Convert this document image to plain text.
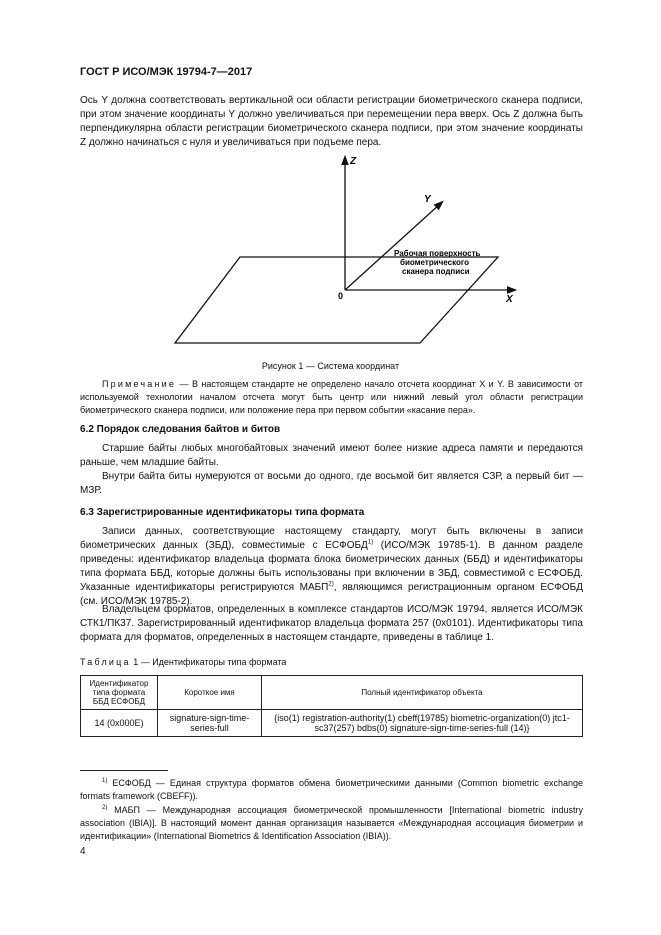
ГОСТ Р ИСО/МЭК 19794-7—2017
Ось Y должна соответствовать вертикальной оси области регистрации биометрического сканера подписи, при этом значение координаты Y должно увеличиваться при перемещении пера вверх. Ось Z должна быть перпендикулярна области регистрации биометрического сканера подписи, при этом значение координаты Z должно начинаться с нуля и увеличиваться при подъеме пера.
Z
Y
X
0
Рабочая поверхность
биометрического
сканера подписи
Рисунок 1 — Система координат
Примечание — В настоящем стандарте не определено начало отсчета координат X и Y. В зависимости от используемой технологии началом отсчета могут быть центр или нижний левый угол области регистрации биометрического сканера подписи, или положение пера при первом событии «касание пера».
6.2 Порядок следования байтов и битов
Старшие байты любых многобайтовых значений имеют более низкие адреса памяти и передаются раньше, чем младшие байты.
Внутри байта биты нумеруются от восьми до одного, где восьмой бит является СЗР, а первый бит — МЗР.
6.3 Зарегистрированные идентификаторы типа формата
Записи данных, соответствующие настоящему стандарту, могут быть включены в записи биометрических данных (ЗБД), совместимые с ЕСФОБД$^{1)}$ (ИСО/МЭК 19785-1). В данном разделе приведены: идентификатор владельца формата блока биометрических данных (ББД) и идентификаторы типа формата ББД, которые должны быть использованы при включении в ЗБД, совместимой с ЕСФОБД. Указанные идентификаторы регистрируются МАБП$^{2)}$, являющимся регистрационным органом ЕСФОБД (см. ИСО/МЭК 19785-2).
Владельцем форматов, определенных в комплексе стандартов ИСО/МЭК 19794, является ИСО/МЭК СТК1/ПК37. Зарегистрированный идентификатор владельца формата 257 (0x0101). Идентификаторы типа формата для форматов, определенных в настоящем стандарте, приведены в таблице 1.
Таблица 1 — Идентификаторы типа формата
Идентификатор типа формата ББД ЕСФОБД	Короткое имя	Полный идентификатор объекта
14 (0x000E)	signature-sign-time-series-full	{iso(1) registration-authority(1) cbeff(19785) biometric-organization(0) jtc1-sc37(257) bdbs(0) signature-sign-time-series-full (14)}
$^{1)}$ ЕСФОБД — Единая структура форматов обмена биометрическими данными (Common biometric exchange formats framework (CBEFF)).
$^{2)}$ МАБП — Международная ассоциация биометрической промышленности [International biometric industry association (IBIA)]. В настоящий момент данная организация называется «Международная ассоциация биометрии и идентификации» (International Biometrics & Identification Association (IBIA)).
4
